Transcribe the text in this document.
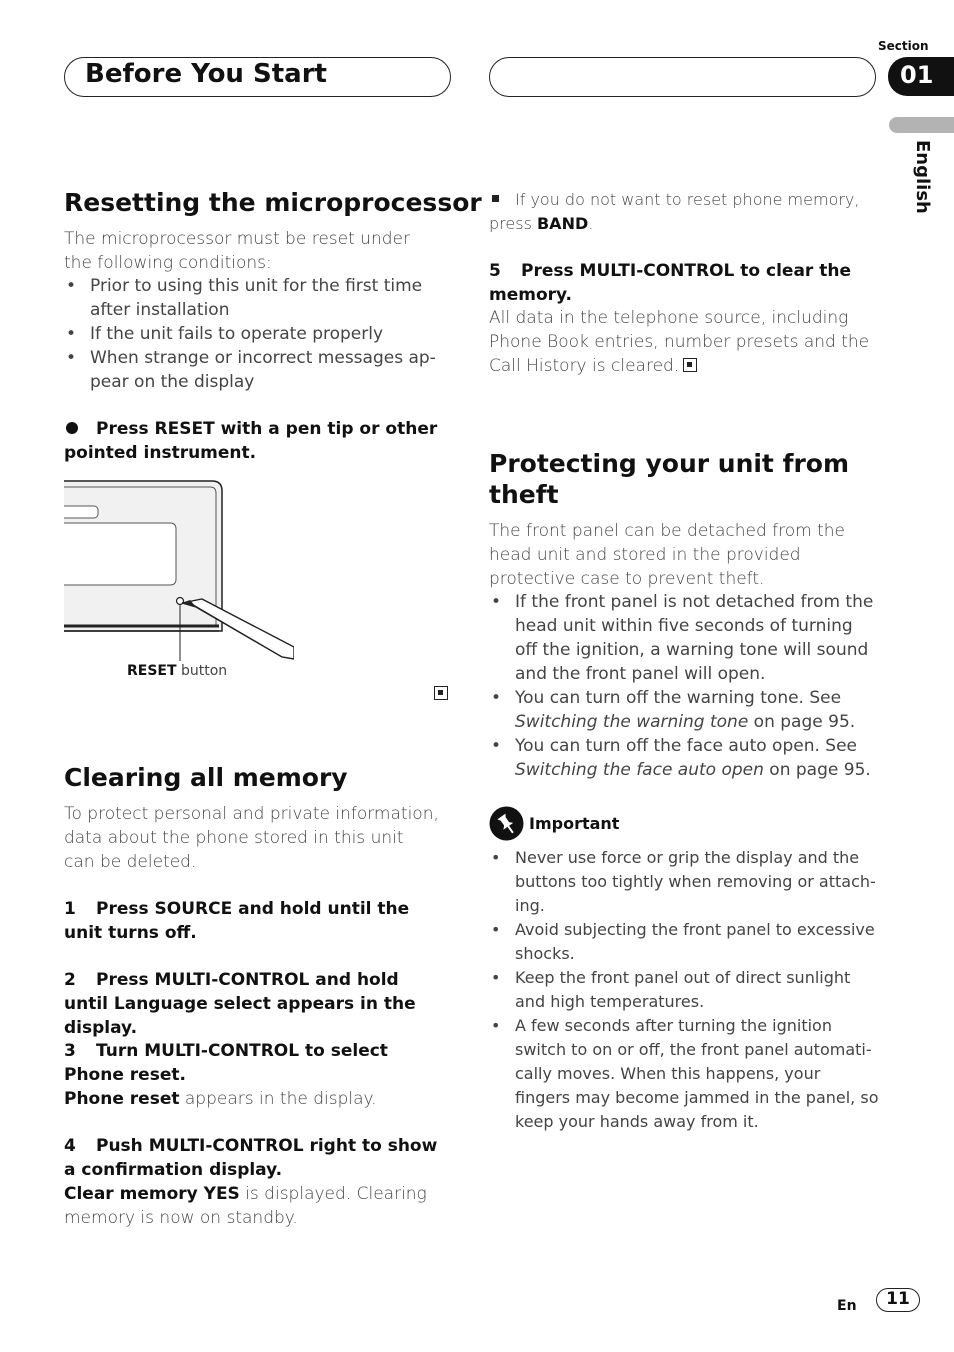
Before You Start
Section
01
English
Resetting the microprocessor

The microprocessor must be reset under the following conditions:

• Prior to using this unit for the first time after installation
• If the unit fails to operate properly
• When strange or incorrect messages ap-pear on the display
Press RESET with a pen tip or other pointed instrument.
RESET button
Clearing all memory

To protect personal and private information, data about the phone stored in this unit can be deleted.

1 Press SOURCE and hold until the unit turns off.
2 Press MULTI-CONTROL and hold until Language select appears in the display.
3 Turn MULTI-CONTROL to select Phone reset.

Phone reset appears in the display.

4 Push MULTI-CONTROL right to show a confirmation display.

Clear memory YES is displayed. Clearing memory is now on standby.

If you do not want to reset phone memory, press BAND.

5 Press MULTI-CONTROL to clear the memory.

All data in the telephone source, including Phone Book entries, number presets and the Call History is cleared.

Protecting your unit from theft

The front panel can be detached from the head unit and stored in the provided protective case to prevent theft.

• If the front panel is not detached from the head unit within five seconds of turning off the ignition, a warning tone will sound and the front panel will open.
• You can turn off the warning tone. See Switching the warning tone on page 95.
• You can turn off the face auto open. See Switching the face auto open on page 95.
Important
• Never use force or grip the display and the buttons too tightly when removing or attach-ing.
• Avoid subjecting the front panel to excessive shocks.
• Keep the front panel out of direct sunlight and high temperatures.
• A few seconds after turning the ignition switch to on or off, the front panel automati-cally moves. When this happens, your fingers may become jammed in the panel, so keep your hands away from it.
En	11
